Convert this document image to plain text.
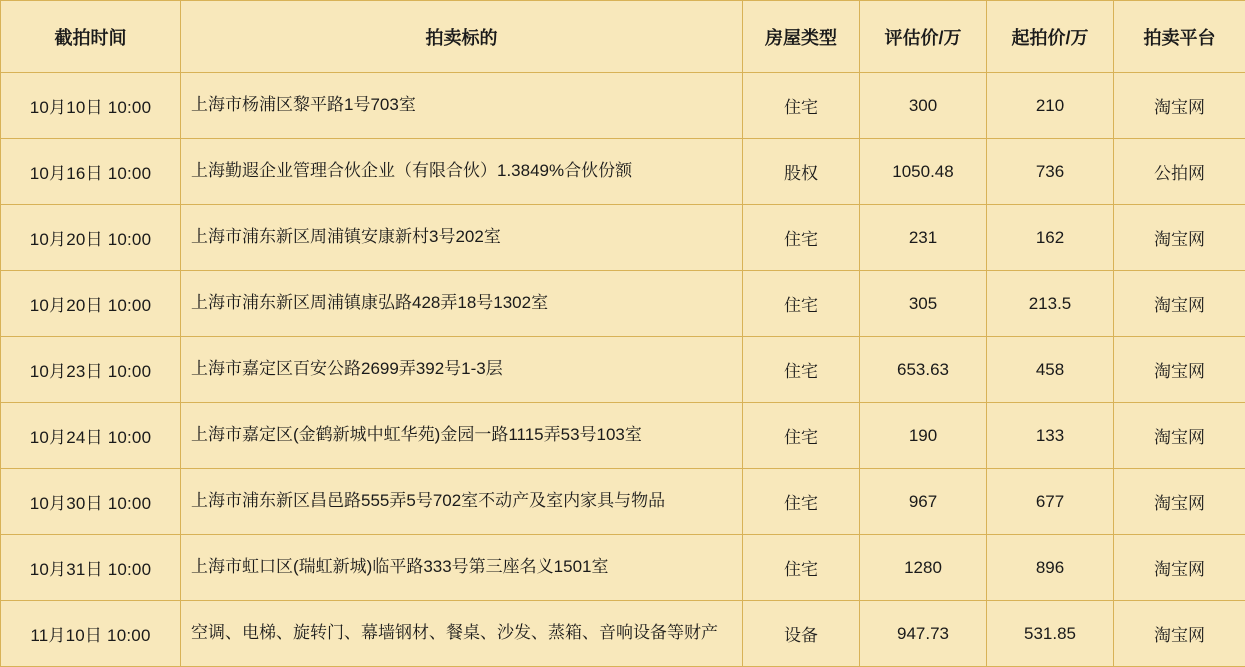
截拍时间	拍卖标的	房屋类型	评估价/万	起拍价/万	拍卖平台
10月10日 10:00	上海市杨浦区黎平路1号703室	住宅	300	210	淘宝网
10月16日 10:00	上海勤遐企业管理合伙企业（有限合伙）1.3849%合伙份额	股权	1050.48	736	公拍网
10月20日 10:00	上海市浦东新区周浦镇安康新村3号202室	住宅	231	162	淘宝网
10月20日 10:00	上海市浦东新区周浦镇康弘路428弄18号1302室	住宅	305	213.5	淘宝网
10月23日 10:00	上海市嘉定区百安公路2699弄392号1-3层	住宅	653.63	458	淘宝网
10月24日 10:00	上海市嘉定区(金鹤新城中虹华苑)金园一路1115弄53号103室	住宅	190	133	淘宝网
10月30日 10:00	上海市浦东新区昌邑路555弄5号702室不动产及室内家具与物品	住宅	967	677	淘宝网
10月31日 10:00	上海市虹口区(瑞虹新城)临平路333号第三座名义1501室	住宅	1280	896	淘宝网
11月10日 10:00	空调、电梯、旋转门、幕墙钢材、餐桌、沙发、蒸箱、音响设备等财产	设备	947.73	531.85	淘宝网
